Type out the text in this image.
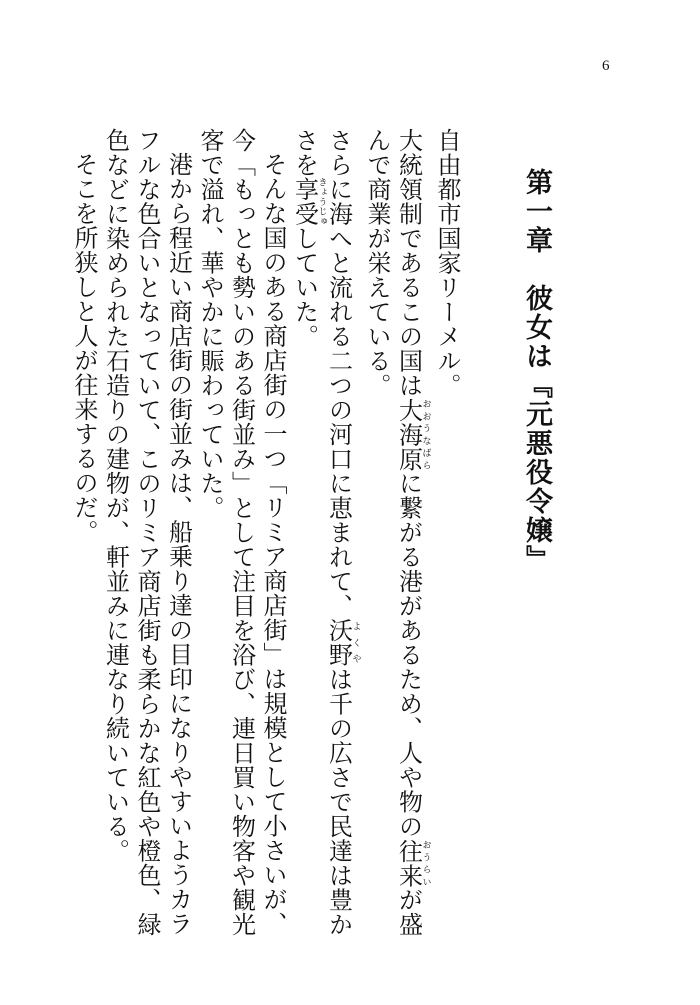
6
第一章　彼女は『元悪役令嬢』

自由都市国家リーメル。

大統領制であるこの国は大海原おおうなばらに繋がる港があるため、人や物の往来おうらいが盛んで商業が栄えている。

さらに海へと流れる二つの河口に恵まれて、沃野よくやは千の広さで民達は豊かさを享受きょうじゅしていた。

そんな国のある商店街の一つ「リミア商店街」は規模として小さいが、今「もっとも勢いのある街並み」として注目を浴び、連日買い物客や観光客で溢れ、華やかに賑わっていた。

港から程近い商店街の街並みは、船乗り達の目印になりやすいようカラフルな色合いとなっていて、このリミア商店街も柔らかな紅色や橙色、緑色などに染められた石造りの建物が、軒並みに連なり続いている。

そこを所狭しと人が往来するのだ。
